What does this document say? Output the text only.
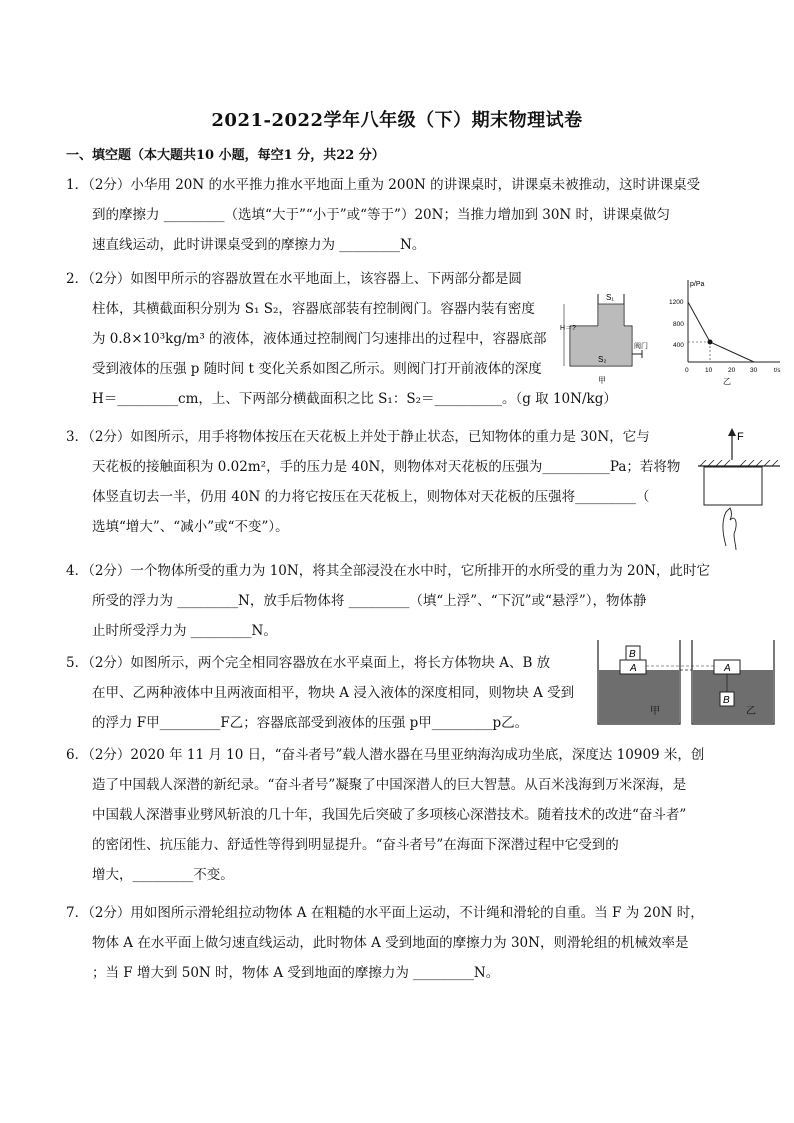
2021-2022学年八年级（下）期末物理试卷
一、填空题（本大题共10 小题，每空1 分，共22 分）

1．（2分）小华用 20N 的水平推力推水平地面上重为 200N 的讲课桌时，讲课桌未被推动，这时讲课桌受

到的摩擦力 _________（选填“大于”“小于”或“等于”）20N；当推力增加到 30N 时，讲课桌做匀

速直线运动，此时讲课桌受到的摩擦力为 _________N。

2．（2分）如图甲所示的容器放置在水平地面上，该容器上、下两部分都是圆

柱体，其横截面积分别为 S₁ S₂，容器底部装有控制阀门。容器内装有密度

为 0.8×10³kg/m³ 的液体，液体通过控制阀门匀速排出的过程中，容器底部

受到液体的压强 p 随时间 t 变化关系如图乙所示。则阀门打开前液体的深度

H＝_________cm，上、下两部分横截面积之比 S₁：S₂＝__________。（g 取 10N/kg）

S₁
S₂
H＝?
阀门
甲
p/Pa
t/s
1200
800
400
0	10 20 30
乙

3．（2分）如图所示，用手将物体按压在天花板上并处于静止状态，已知物体的重力是 30N，它与

天花板的接触面积为 0.02m²，手的压力是 40N，则物体对天花板的压强为__________Pa；若将物

体竖直切去一半，仍用 40N 的力将它按压在天花板上，则物体对天花板的压强将_________（

选填“增大”、“减小”或“不变”）。

F

4．（2分）一个物体所受的重力为 10N，将其全部浸没在水中时，它所排开的水所受的重力为 20N，此时它

所受的浮力为 _________N，放手后物体将 _________（填“上浮”、“下沉”或“悬浮”），物体静

止时所受浮力为 _________N。

5．（2分）如图所示，两个完全相同容器放在水平桌面上，将长方体物块 A、B 放

在甲、乙两种液体中且两液面相平，物块 A 浸入液体的深度相同，则物块 A 受到

的浮力 F甲_________F乙；容器底部受到液体的压强 p甲_________p乙。

A
B
甲
A
B
乙

6．（2分）2020 年 11 月 10 日，“奋斗者号”载人潜水器在马里亚纳海沟成功坐底，深度达 10909 米，创

造了中国载人深潜的新纪录。“奋斗者号”凝聚了中国深潜人的巨大智慧。从百米浅海到万米深海，是

中国载人深潜事业劈风斩浪的几十年，我国先后突破了多项核心深潜技术。随着技术的改进“奋斗者”

的密闭性、抗压能力、舒适性等得到明显提升。“奋斗者号”在海面下深潜过程中它受到的

增大，_________不变。

7．（2分）用如图所示滑轮组拉动物体 A 在粗糙的水平面上运动，不计绳和滑轮的自重。当 F 为 20N 时，

物体 A 在水平面上做匀速直线运动，此时物体 A 受到地面的摩擦力为 30N，则滑轮组的机械效率是

；当 F 增大到 50N 时，物体 A 受到地面的摩擦力为 _________N。
